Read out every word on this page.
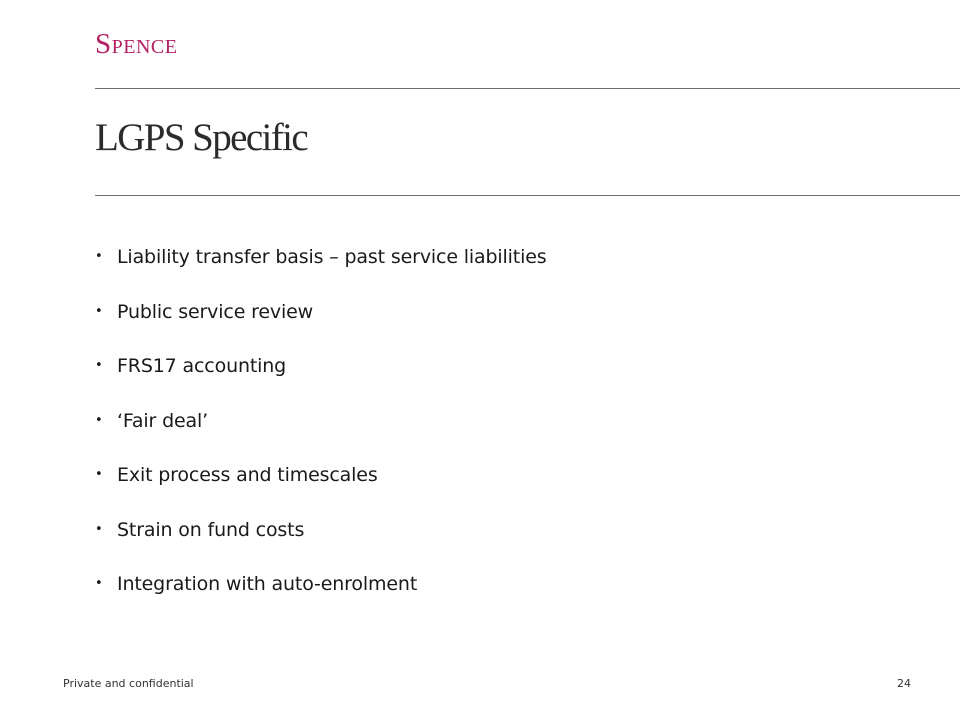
Spence
LGPS Specific
• Liability transfer basis – past service liabilities
• Public service review
• FRS17 accounting
• ‘Fair deal’
• Exit process and timescales
• Strain on fund costs
• Integration with auto-enrolment
Private and confidential	24
